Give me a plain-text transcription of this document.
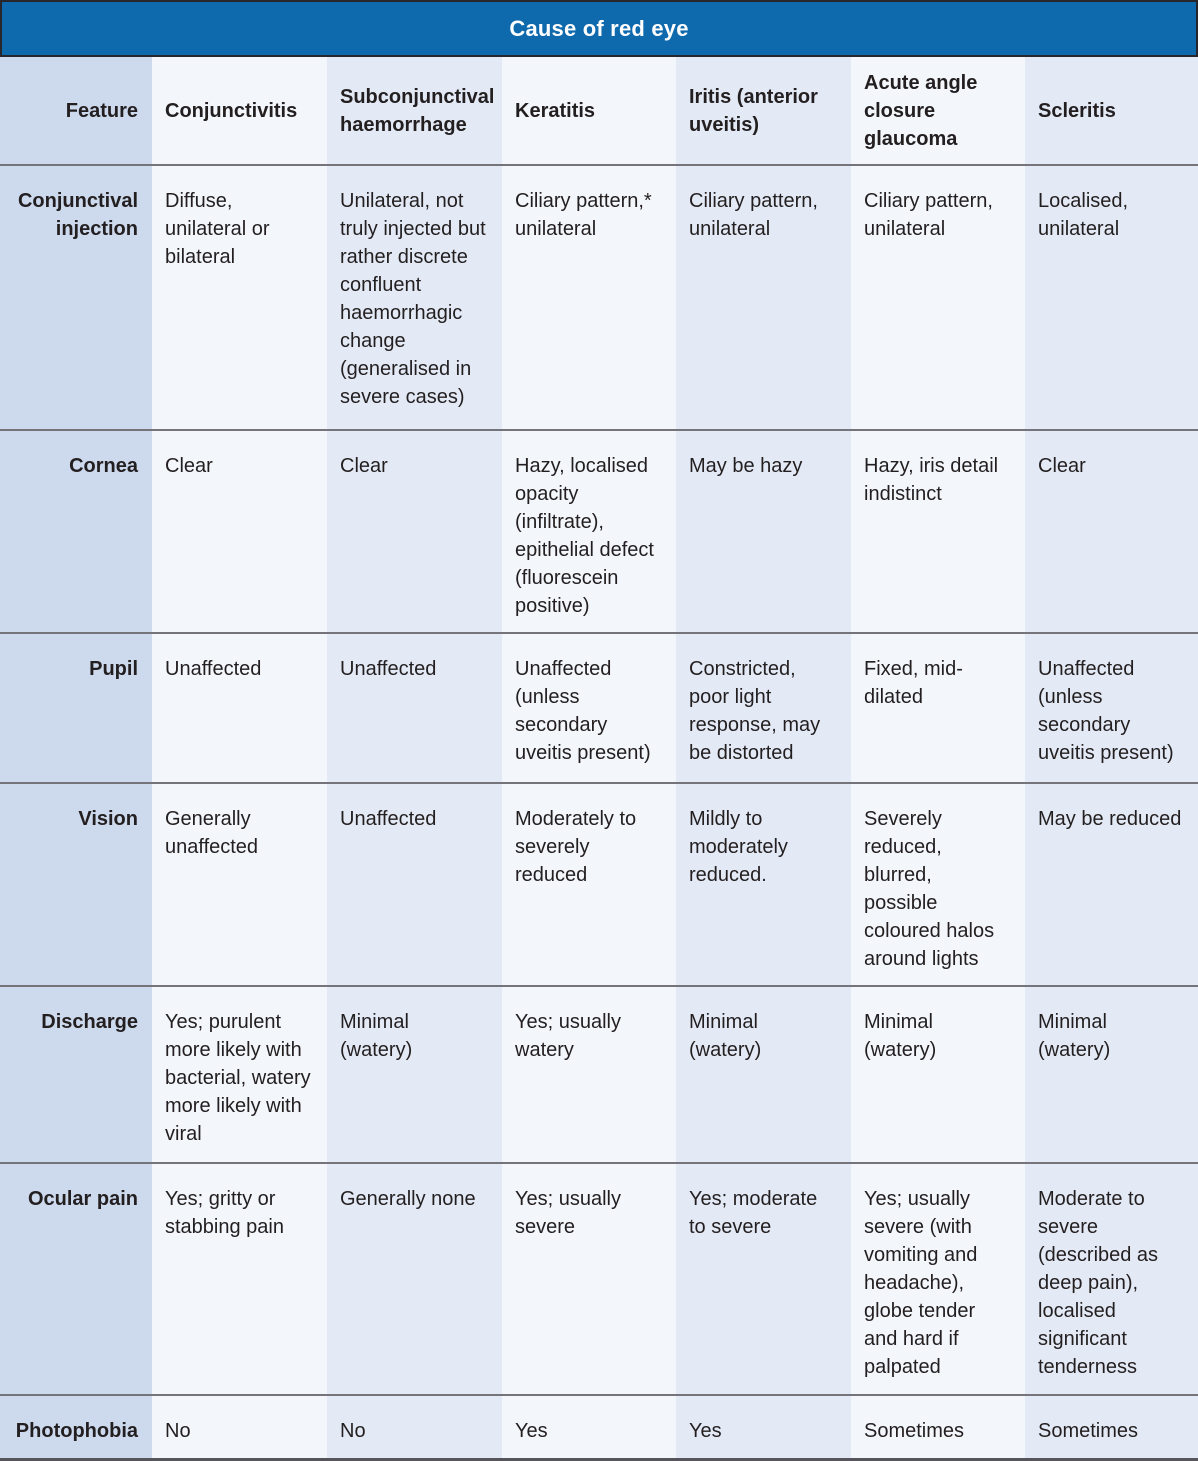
Cause of red eye
Feature	Conjunctivitis	Subconjunctival haemorrhage	Keratitis	Iritis (anterior uveitis)	Acute angle closure glaucoma	Scleritis
Conjunctival injection	Diffuse, unilateral or bilateral	Unilateral, not truly injected but rather discrete confluent haemorrhagic change (generalised in severe cases)	Ciliary pattern,* unilateral	Ciliary pattern, unilateral	Ciliary pattern, unilateral	Localised, unilateral
Cornea	Clear	Clear	Hazy, localised opacity (infiltrate), epithelial defect (fluorescein positive)	May be hazy	Hazy, iris detail indistinct	Clear
Pupil	Unaffected	Unaffected	Unaffected (unless secondary uveitis present)	Constricted, poor light response, may be distorted	Fixed, mid-dilated	Unaffected (unless secondary uveitis present)
Vision	Generally unaffected	Unaffected	Moderately to severely reduced	Mildly to moderately reduced.	Severely reduced, blurred, possible coloured halos around lights	May be reduced
Discharge	Yes; purulent more likely with bacterial, watery more likely with viral	Minimal (watery)	Yes; usually watery	Minimal (watery)	Minimal (watery)	Minimal (watery)
Ocular pain	Yes; gritty or stabbing pain	Generally none	Yes; usually severe	Yes; moderate to severe	Yes; usually severe (with vomiting and headache), globe tender and hard if palpated	Moderate to severe (described as deep pain), localised significant tenderness
Photophobia	No	No	Yes	Yes	Sometimes	Sometimes
